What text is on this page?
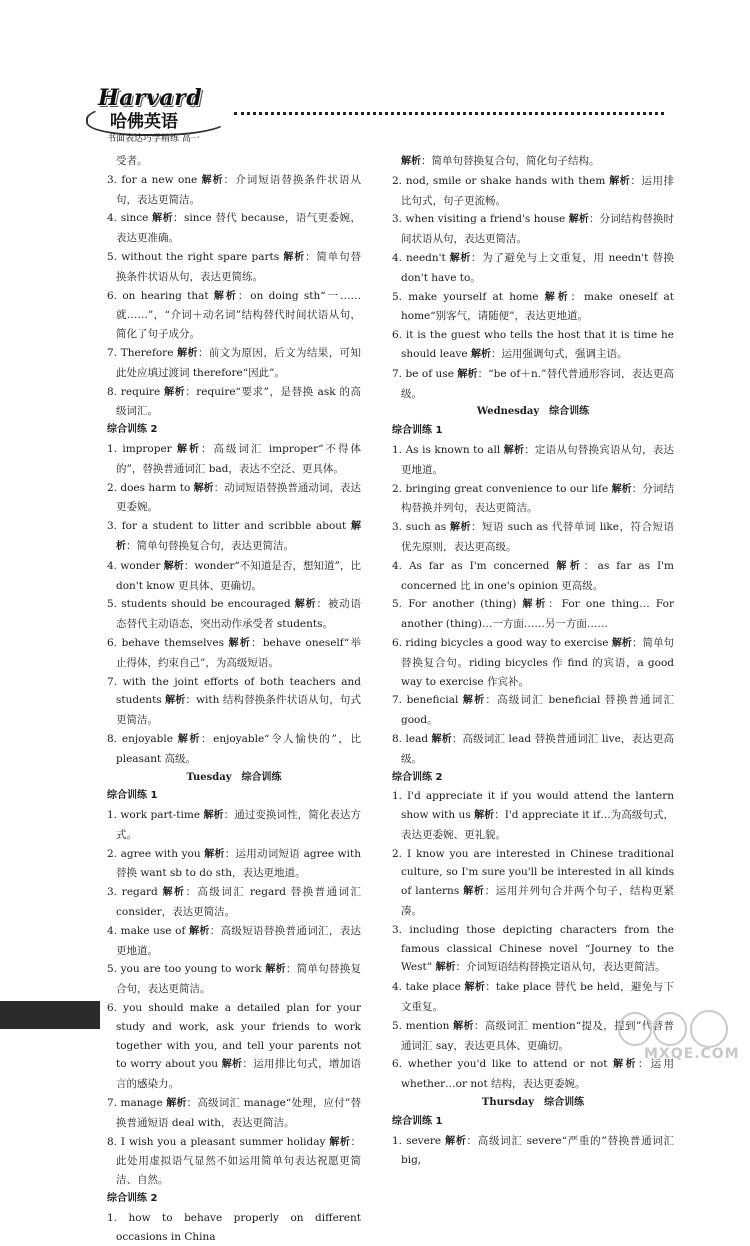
Harvard
哈佛英语
书面表达巧学精练 高一

受者。

3. for a new one 解析：介词短语替换条件状语从句，表达更简洁。

4. since 解析：since 替代 because，语气更委婉，表达更准确。

5. without the right spare parts 解析：简单句替换条件状语从句，表达更简练。

6. on hearing that 解析：on doing sth“一……就……”，“介词＋动名词”结构替代时间状语从句，简化了句子成分。

7. Therefore 解析：前文为原因，后文为结果，可知此处应填过渡词 therefore“因此”。

8. require 解析：require“要求”，是替换 ask 的高级词汇。

综合训练 2

1. improper 解析：高级词汇 improper“不得体的”，替换普通词汇 bad，表达不空泛、更具体。

2. does harm to 解析：动词短语替换普通动词，表达更委婉。

3. for a student to litter and scribble about 解析：简单句替换复合句，表达更简洁。

4. wonder 解析：wonder“不知道是否，想知道”，比 don't know 更具体、更确切。

5. students should be encouraged 解析：被动语态替代主动语态，突出动作承受者 students。

6. behave themselves 解析：behave oneself“举止得体，约束自己”，为高级短语。

7. with the joint efforts of both teachers and students 解析：with 结构替换条件状语从句，句式更简洁。

8. enjoyable 解析：enjoyable“令人愉快的”，比 pleasant 高级。

Tuesday　综合训练

综合训练 1

1. work part-time 解析：通过变换词性，简化表达方式。

2. agree with you 解析：运用动词短语 agree with 替换 want sb to do sth，表达更地道。

3. regard 解析：高级词汇 regard 替换普通词汇 consider，表达更简洁。

4. make use of 解析：高级短语替换普通词汇，表达更地道。

5. you are too young to work 解析：简单句替换复合句，表达更简洁。

6. you should make a detailed plan for your study and work, ask your friends to work together with you, and tell your parents not to worry about you 解析：运用排比句式，增加语言的感染力。

7. manage 解析：高级词汇 manage“处理，应付”替换普通短语 deal with，表达更简洁。

8. I wish you a pleasant summer holiday 解析：此处用虚拟语气显然不如运用简单句表达祝愿更简洁、自然。

综合训练 2

1. how to behave properly on different occasions in China

解析：简单句替换复合句，简化句子结构。

2. nod, smile or shake hands with them 解析：运用排比句式，句子更流畅。

3. when visiting a friend's house 解析：分词结构替换时间状语从句，表达更简洁。

4. needn't 解析：为了避免与上文重复，用 needn't 替换 don't have to。

5. make yourself at home 解析：make oneself at home“别客气，请随便”，表达更地道。

6. it is the guest who tells the host that it is time he should leave 解析：运用强调句式，强调主语。

7. be of use 解析：“be of＋n.”替代普通形容词，表达更高级。

Wednesday　综合训练

综合训练 1

1. As is known to all 解析：定语从句替换宾语从句，表达更地道。

2. bringing great convenience to our life 解析：分词结构替换并列句，表达更简洁。

3. such as 解析：短语 such as 代替单词 like，符合短语优先原则，表达更高级。

4. As far as I'm concerned 解析：as far as I'm concerned 比 in one's opinion 更高级。

5. For another (thing) 解析：For one thing… For another (thing)…一方面……另一方面……

6. riding bicycles a good way to exercise 解析：简单句替换复合句。riding bicycles 作 find 的宾语，a good way to exercise 作宾补。

7. beneficial 解析：高级词汇 beneficial 替换普通词汇 good。

8. lead 解析：高级词汇 lead 替换普通词汇 live，表达更高级。

综合训练 2

1. I'd appreciate it if you would attend the lantern show with us 解析：I'd appreciate it if…为高级句式，表达更委婉、更礼貌。

2. I know you are interested in Chinese traditional culture, so I'm sure you'll be interested in all kinds of lanterns 解析：运用并列句合并两个句子，结构更紧凑。

3. including those depicting characters from the famous classical Chinese novel “Journey to the West” 解析：介词短语结构替换定语从句，表达更简洁。

4. take place 解析：take place 替代 be held，避免与下文重复。

5. mention 解析：高级词汇 mention“提及，提到”代替普通词汇 say，表达更具体、更确切。

6. whether you'd like to attend or not 解析：运用 whether…or not 结构，表达更委婉。

Thursday　综合训练

综合训练 1

1. severe 解析：高级词汇 severe“严重的”替换普通词汇 big,

MXQE.COM
